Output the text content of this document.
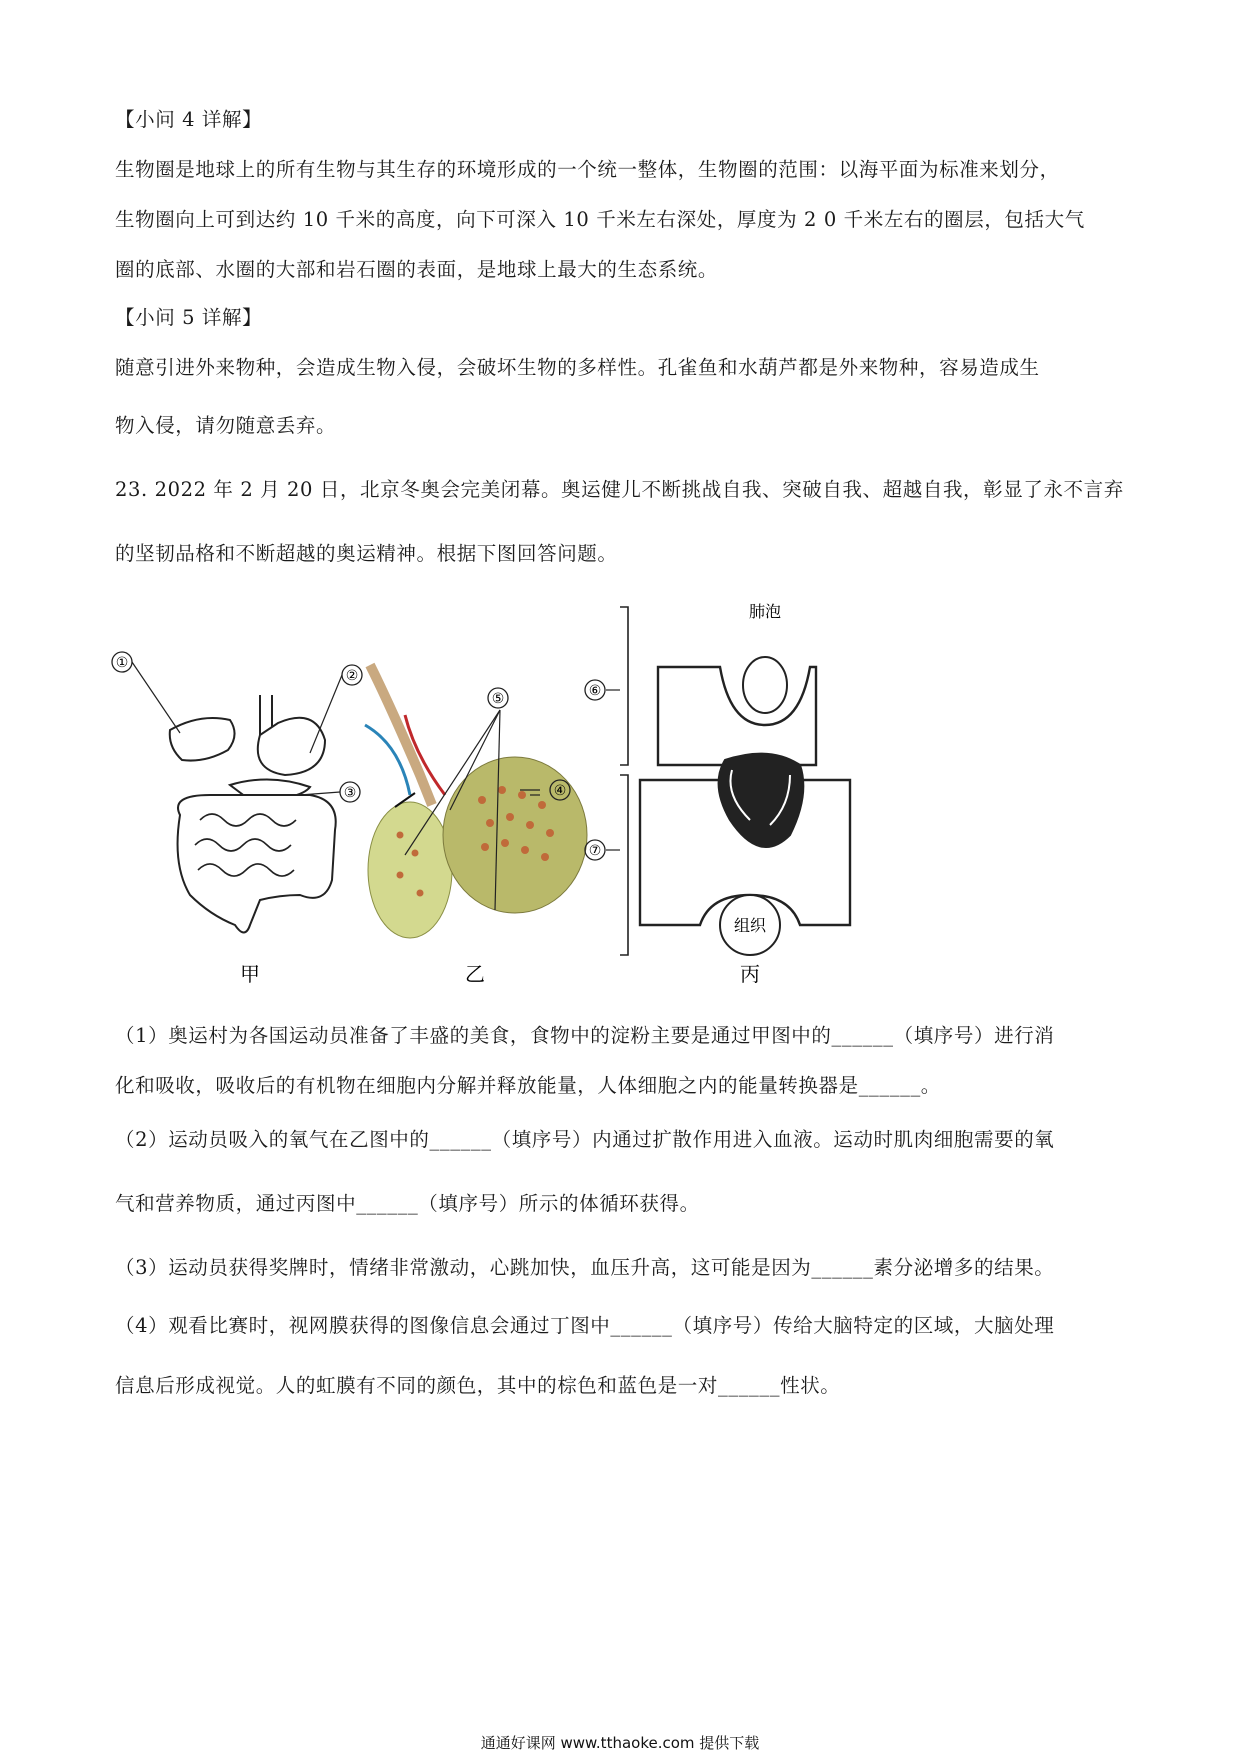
【小问 4 详解】
生物圈是地球上的所有生物与其生存的环境形成的一个统一整体，生物圈的范围：以海平面为标准来划分，
生物圈向上可到达约 10 千米的高度，向下可深入 10 千米左右深处，厚度为 2 0 千米左右的圈层，包括大气
圈的底部、水圈的大部和岩石圈的表面，是地球上最大的生态系统。
【小问 5 详解】
随意引进外来物种，会造成生物入侵，会破坏生物的多样性。孔雀鱼和水葫芦都是外来物种，容易造成生
物入侵，请勿随意丢弃。
23. 2022 年 2 月 20 日，北京冬奥会完美闭幕。奥运健儿不断挑战自我、突破自我、超越自我，彰显了永不言弃
的坚韧品格和不断超越的奥运精神。根据下图回答问题。
①
②
③
甲
⑤
④
乙
⑥
⑦
肺泡
组织
丙
（1）奥运村为各国运动员准备了丰盛的美食，食物中的淀粉主要是通过甲图中的______（填序号）进行消
化和吸收，吸收后的有机物在细胞内分解并释放能量，人体细胞之内的能量转换器是______。
（2）运动员吸入的氧气在乙图中的______（填序号）内通过扩散作用进入血液。运动时肌肉细胞需要的氧
气和营养物质，通过丙图中______（填序号）所示的体循环获得。
（3）运动员获得奖牌时，情绪非常激动，心跳加快，血压升高，这可能是因为______素分泌增多的结果。
（4）观看比赛时，视网膜获得的图像信息会通过丁图中______（填序号）传给大脑特定的区域，大脑处理
信息后形成视觉。人的虹膜有不同的颜色，其中的棕色和蓝色是一对______性状。
通通好课网 www.tthaoke.com 提供下载
